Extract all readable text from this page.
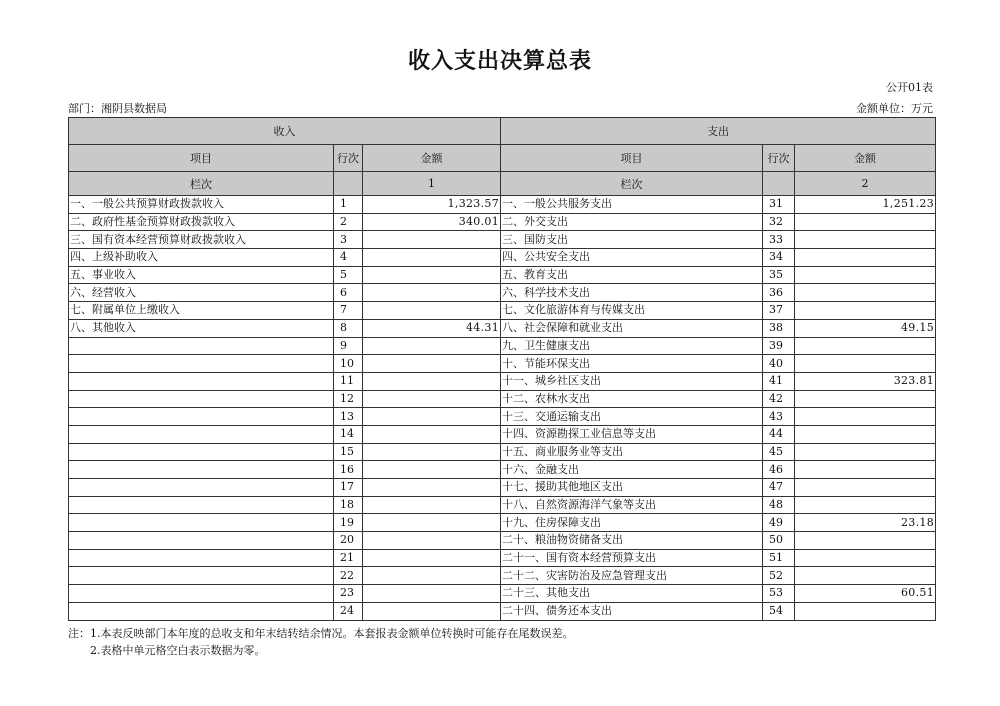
收入支出决算总表
公开01表
部门：湘阴县数据局	金额单位：万元
收入			支出		
项目	行次	金额	项目	行次	金额
栏次		1	栏次		2
一、一般公共预算财政拨款收入	1	1,323.57	一、一般公共服务支出	31	1,251.23
二、政府性基金预算财政拨款收入	2	340.01	二、外交支出	32	
三、国有资本经营预算财政拨款收入	3		三、国防支出	33	
四、上级补助收入	4		四、公共安全支出	34	
五、事业收入	5		五、教育支出	35	
六、经营收入	6		六、科学技术支出	36	
七、附属单位上缴收入	7		七、文化旅游体育与传媒支出	37	
八、其他收入	8	44.31	八、社会保障和就业支出	38	49.15
	9		九、卫生健康支出	39	
	10		十、节能环保支出	40	
	11		十一、城乡社区支出	41	323.81
	12		十二、农林水支出	42	
	13		十三、交通运输支出	43	
	14		十四、资源勘探工业信息等支出	44	
	15		十五、商业服务业等支出	45	
	16		十六、金融支出	46	
	17		十七、援助其他地区支出	47	
	18		十八、自然资源海洋气象等支出	48	
	19		十九、住房保障支出	49	23.18
	20		二十、粮油物资储备支出	50	
	21		二十一、国有资本经营预算支出	51	
	22		二十二、灾害防治及应急管理支出	52	
	23		二十三、其他支出	53	60.51
	24		二十四、债务还本支出	54	
注：1.本表反映部门本年度的总收支和年末结转结余情况。本套报表金额单位转换时可能存在尾数误差。
2.表格中单元格空白表示数据为零。
